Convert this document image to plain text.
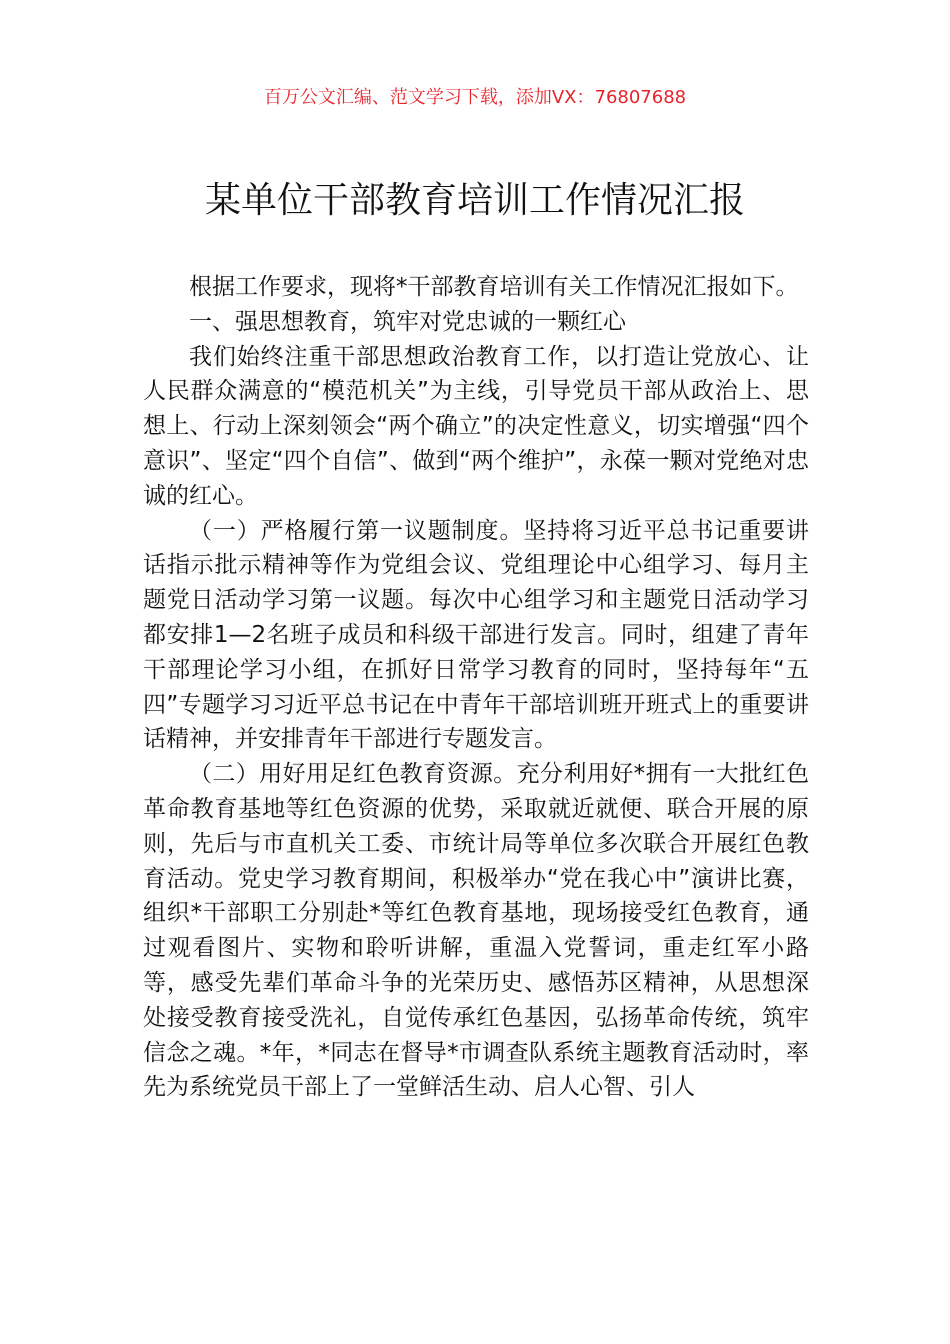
百万公文汇编、范文学习下载，添加VX：76807688
某单位干部教育培训工作情况汇报

根据工作要求，现将*干部教育培训有关工作情况汇报如下。

一、强思想教育，筑牢对党忠诚的一颗红心

我们始终注重干部思想政治教育工作，以打造让党放心、让人民群众满意的“模范机关”为主线，引导党员干部从政治上、思想上、行动上深刻领会“两个确立”的决定性意义，切实增强“四个意识”、坚定“四个自信”、做到“两个维护”，永葆一颗对党绝对忠诚的红心。

（一）严格履行第一议题制度。坚持将习近平总书记重要讲话指示批示精神等作为党组会议、党组理论中心组学习、每月主题党日活动学习第一议题。每次中心组学习和主题党日活动学习都安排1—2名班子成员和科级干部进行发言。同时，组建了青年干部理论学习小组，在抓好日常学习教育的同时，坚持每年“五四”专题学习习近平总书记在中青年干部培训班开班式上的重要讲话精神，并安排青年干部进行专题发言。

（二）用好用足红色教育资源。充分利用好*拥有一大批红色革命教育基地等红色资源的优势，采取就近就便、联合开展的原则，先后与市直机关工委、市统计局等单位多次联合开展红色教育活动。党史学习教育期间，积极举办“党在我心中”演讲比赛，组织*干部职工分别赴*等红色教育基地，现场接受红色教育，通过观看图片、实物和聆听讲解，重温入党誓词，重走红军小路等，感受先辈们革命斗争的光荣历史、感悟苏区精神，从思想深处接受教育接受洗礼，自觉传承红色基因，弘扬革命传统，筑牢信念之魂。*年，*同志在督导*市调查队系统主题教育活动时，率先为系统党员干部上了一堂鲜活生动、启人心智、引人
